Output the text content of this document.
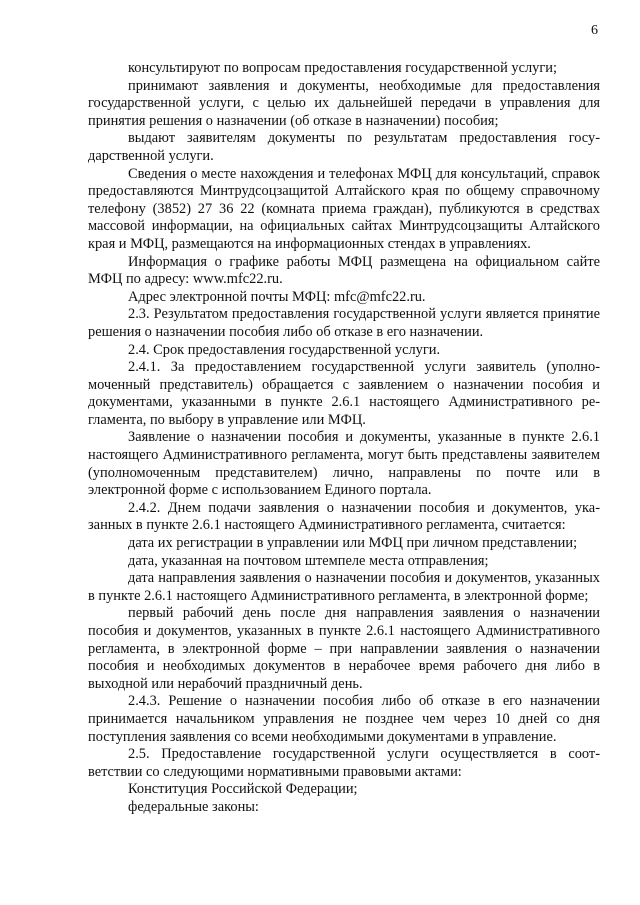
6

консультируют по вопросам предоставления государственной услуги;

принимают заявления и документы, необходимые для предоставления государственной услуги, с целью их дальнейшей передачи в управления для принятия решения о назначении (об отказе в назначении) пособия;

выдают заявителям документы по результатам предоставления государственной услуги.

Сведения о месте нахождения и телефонах МФЦ для консультаций, справок предоставляются Минтрудсоцзащитой Алтайского края по общему справочному телефону (3852) 27 36 22 (комната приема граждан), публикуются в средствах массовой информации, на официальных сайтах Минтрудсоцзащиты Алтайского края и МФЦ, размещаются на информационных стендах в управлениях.

Информация о графике работы МФЦ размещена на официальном сайте МФЦ по адресу: www.mfc22.ru.

Адрес электронной почты МФЦ: mfc@mfc22.ru.

2.3. Результатом предоставления государственной услуги является принятие решения о назначении пособия либо об отказе в его назначении.

2.4. Срок предоставления государственной услуги.

2.4.1. За предоставлением государственной услуги заявитель (уполномоченный представитель) обращается с заявлением о назначении пособия и документами, указанными в пункте 2.6.1 настоящего Административного регламента, по выбору в управление или МФЦ.

Заявление о назначении пособия и документы, указанные в пункте 2.6.1 настоящего Административного регламента, могут быть представлены заявителем (уполномоченным представителем) лично, направлены по почте или в электронной форме с использованием Единого портала.

2.4.2. Днем подачи заявления о назначении пособия и документов, указанных в пункте 2.6.1 настоящего Административного регламента, считается:

дата их регистрации в управлении или МФЦ при личном представлении;

дата, указанная на почтовом штемпеле места отправления;

дата направления заявления о назначении пособия и документов, указанных в пункте 2.6.1 настоящего Административного регламента, в электронной форме;

первый рабочий день после дня направления заявления о назначении пособия и документов, указанных в пункте 2.6.1 настоящего Административного регламента, в электронной форме – при направлении заявления о назначении пособия и необходимых документов в нерабочее время рабочего дня либо в выходной или нерабочий праздничный день.

2.4.3. Решение о назначении пособия либо об отказе в его назначении принимается начальником управления не позднее чем через 10 дней со дня поступления заявления со всеми необходимыми документами в управление.

2.5. Предоставление государственной услуги осуществляется в соответствии со следующими нормативными правовыми актами:

Конституция Российской Федерации;

федеральные законы:
